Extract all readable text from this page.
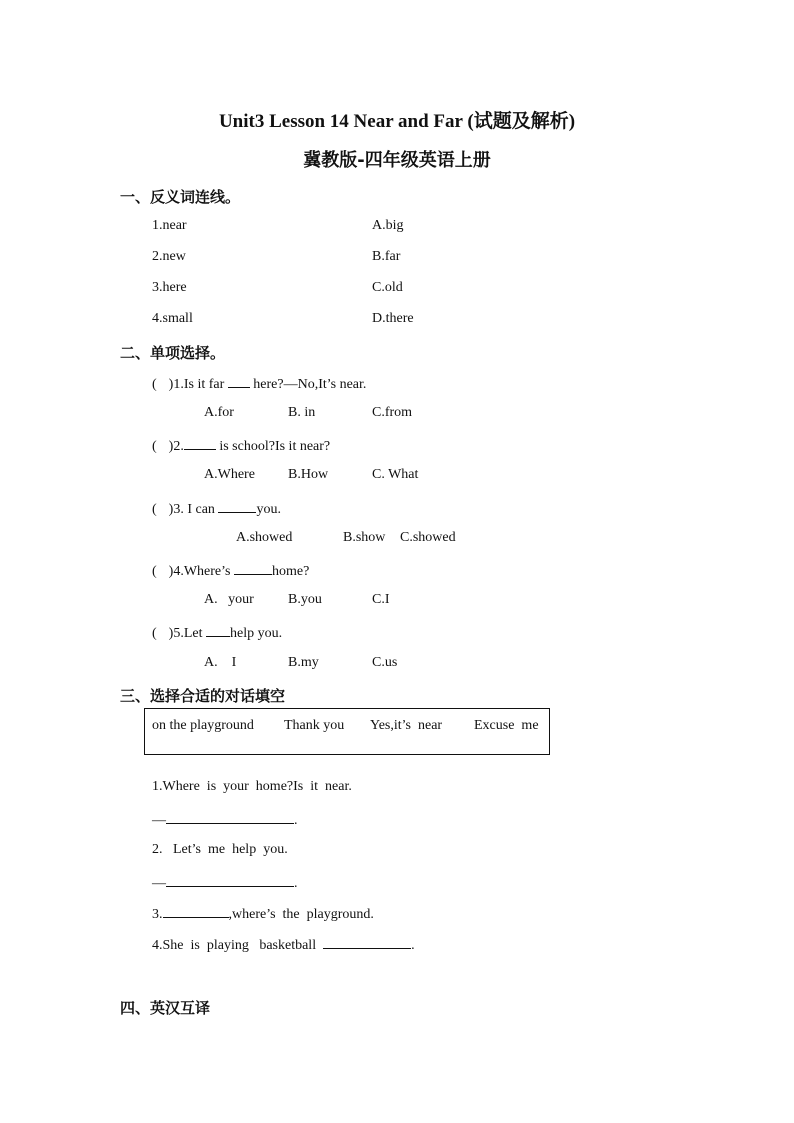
Unit3 Lesson 14 Near and Far (试题及解析)
冀教版-四年级英语上册
一、反义词连线。
1.near	A.big
2.new	B.far
3.here	C.old
4.small	D.there
二、单项选择。
( )1.Is it far here?—No,It’s near.
A.for	B. in	C.from
( )2.	is school?Is it near?
A.Where B.How	C. What
( )3. I can	you.
A.showed	B.show C.showed
( )4.Where’s	home?
A.   your B.you	C.I
( )5.Let help you.
A.    I	B.my	C.us
三、选择合适的对话填空
on the playground Thank you Yes,it’s  near Excuse  me
1.Where  is  your  home?Is  it  near.
—	.
2.   Let’s  me  help  you.
—	.
3.	,where’s  the  playground.
4.She  is  playing   basketball	.
四、英汉互译
